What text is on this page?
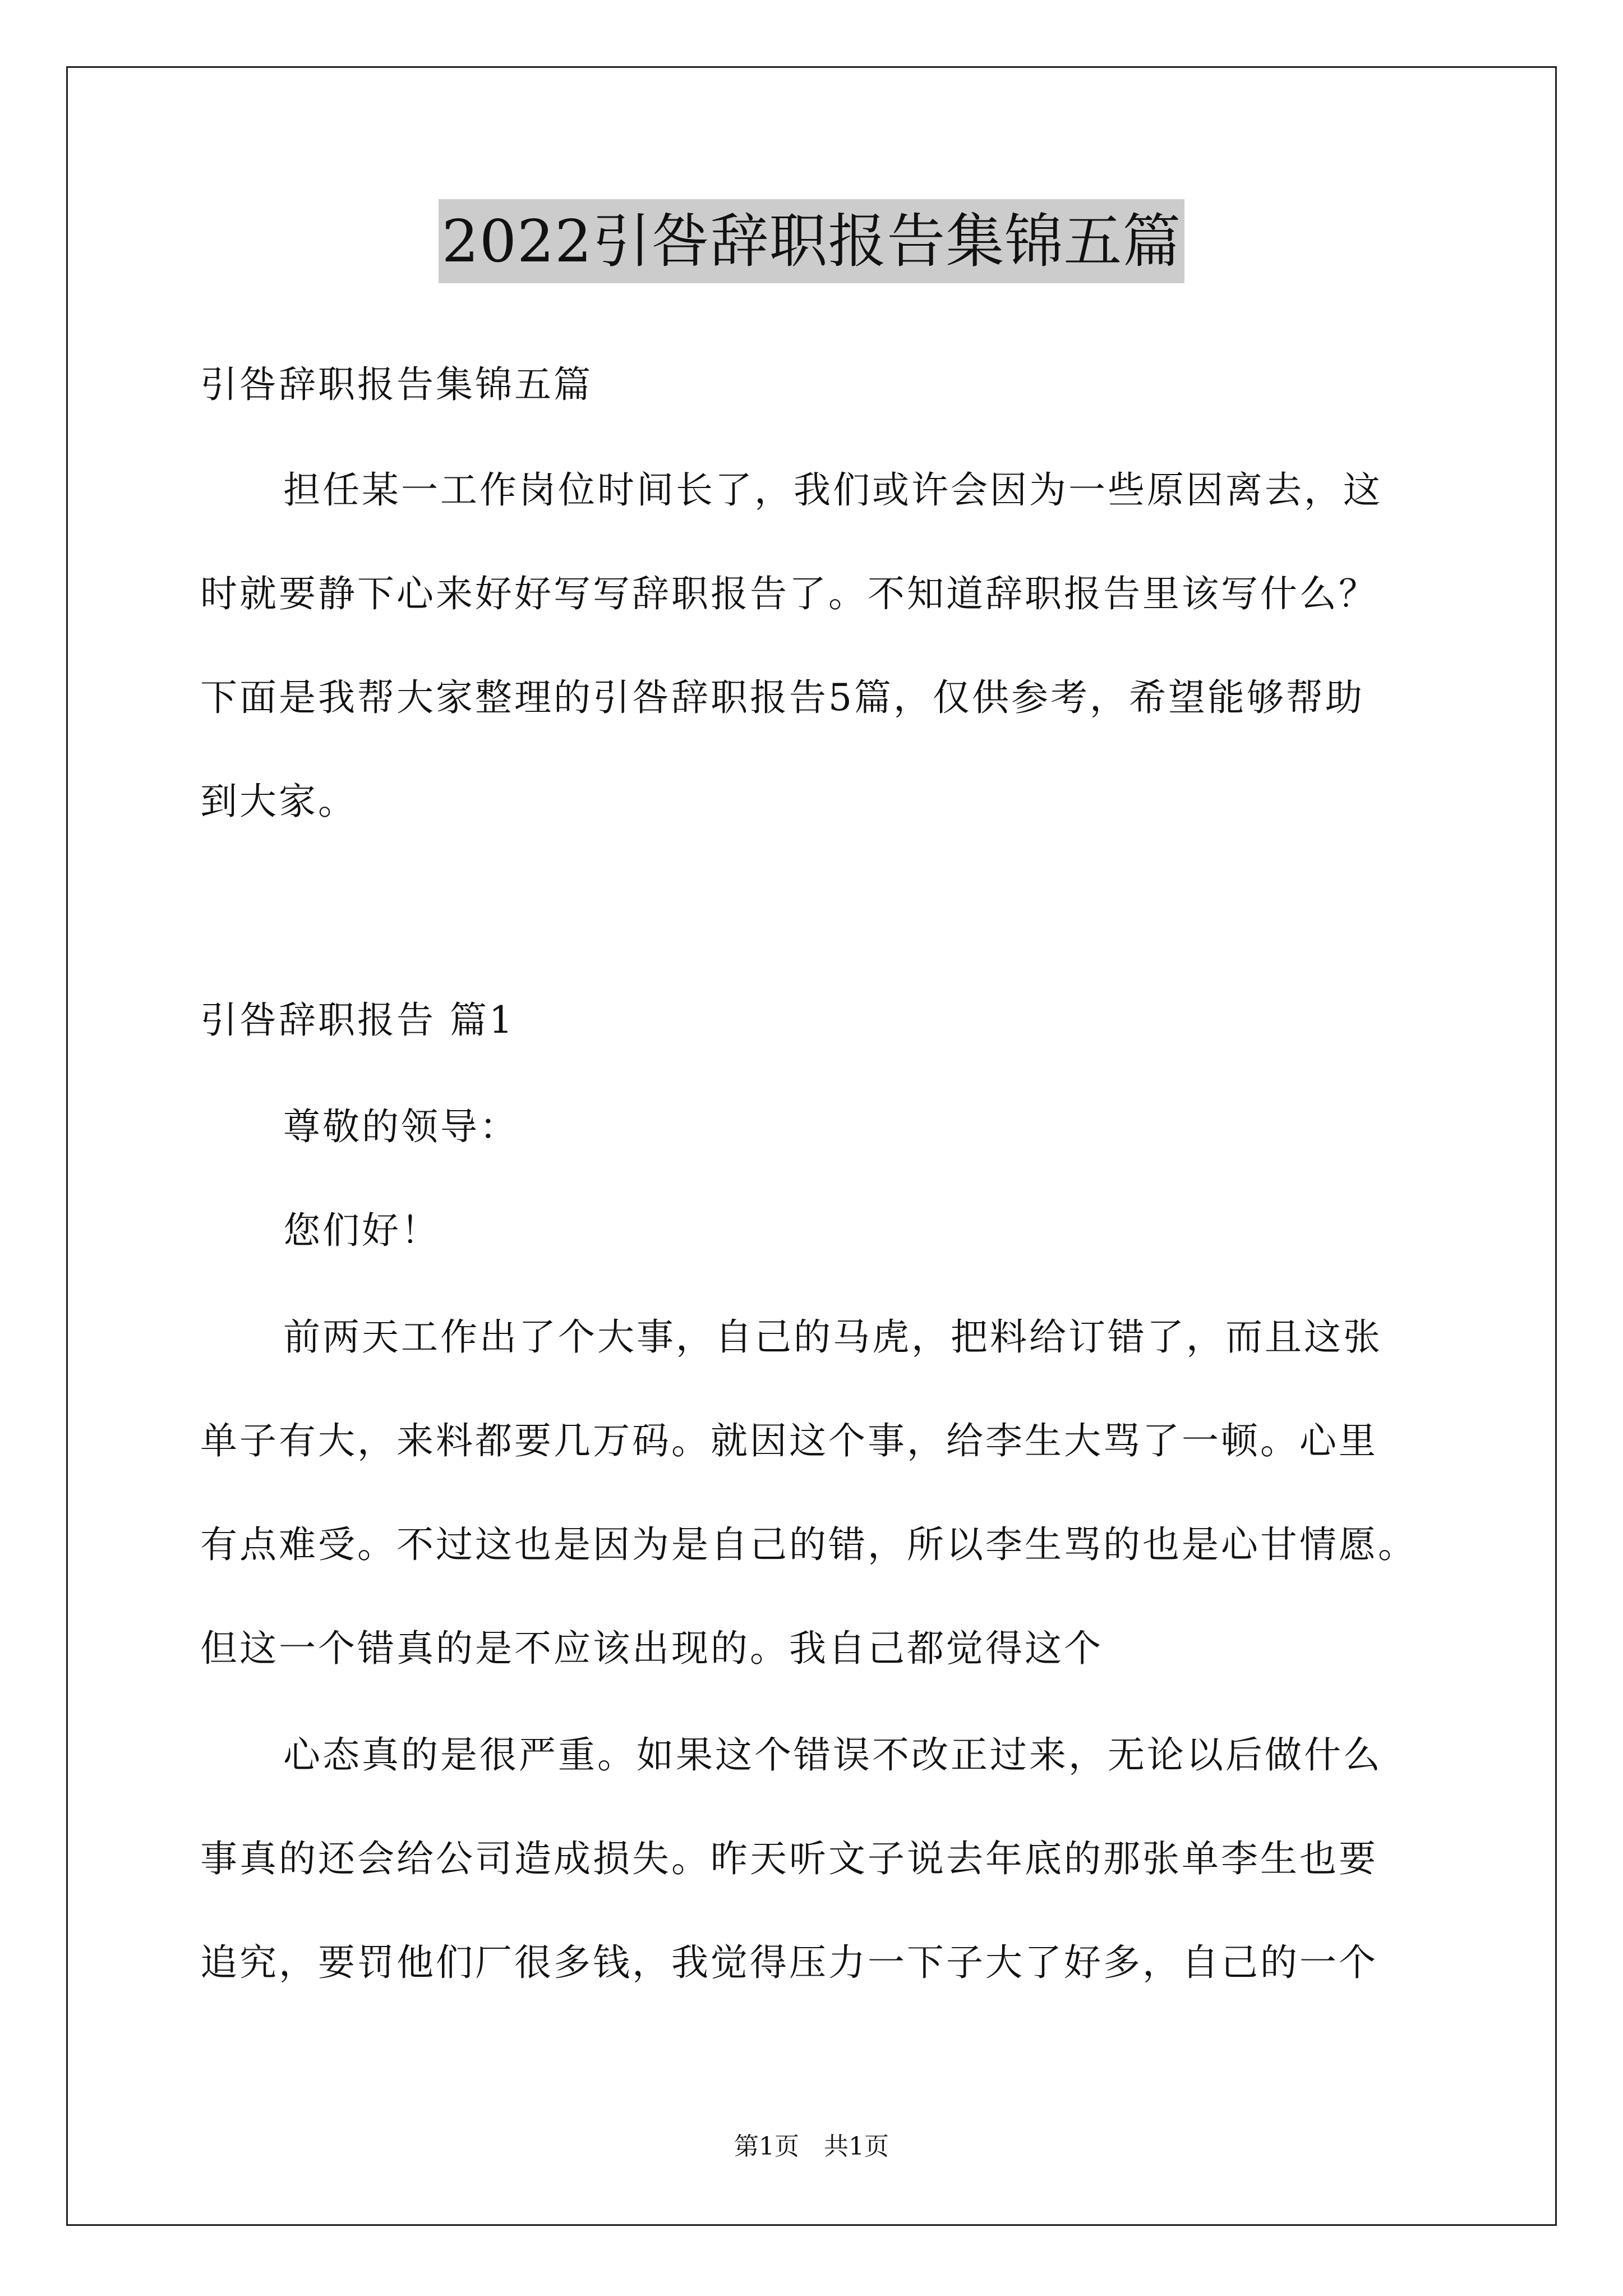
2022引咎辞职报告集锦五篇
引咎辞职报告集锦五篇
担任某一工作岗位时间长了，我们或许会因为一些原因离去，这
时就要静下心来好好写写辞职报告了。不知道辞职报告里该写什么？
下面是我帮大家整理的引咎辞职报告5篇，仅供参考，希望能够帮助
到大家。
引咎辞职报告 篇1
尊敬的领导：
您们好！
前两天工作出了个大事，自己的马虎，把料给订错了，而且这张
单子有大，来料都要几万码。就因这个事，给李生大骂了一顿。心里
有点难受。不过这也是因为是自己的错，所以李生骂的也是心甘情愿。
但这一个错真的是不应该出现的。我自己都觉得这个
心态真的是很严重。如果这个错误不改正过来，无论以后做什么
事真的还会给公司造成损失。昨天听文子说去年底的那张单李生也要
追究，要罚他们厂很多钱，我觉得压力一下子大了好多，自己的一个
第1页　共1页
